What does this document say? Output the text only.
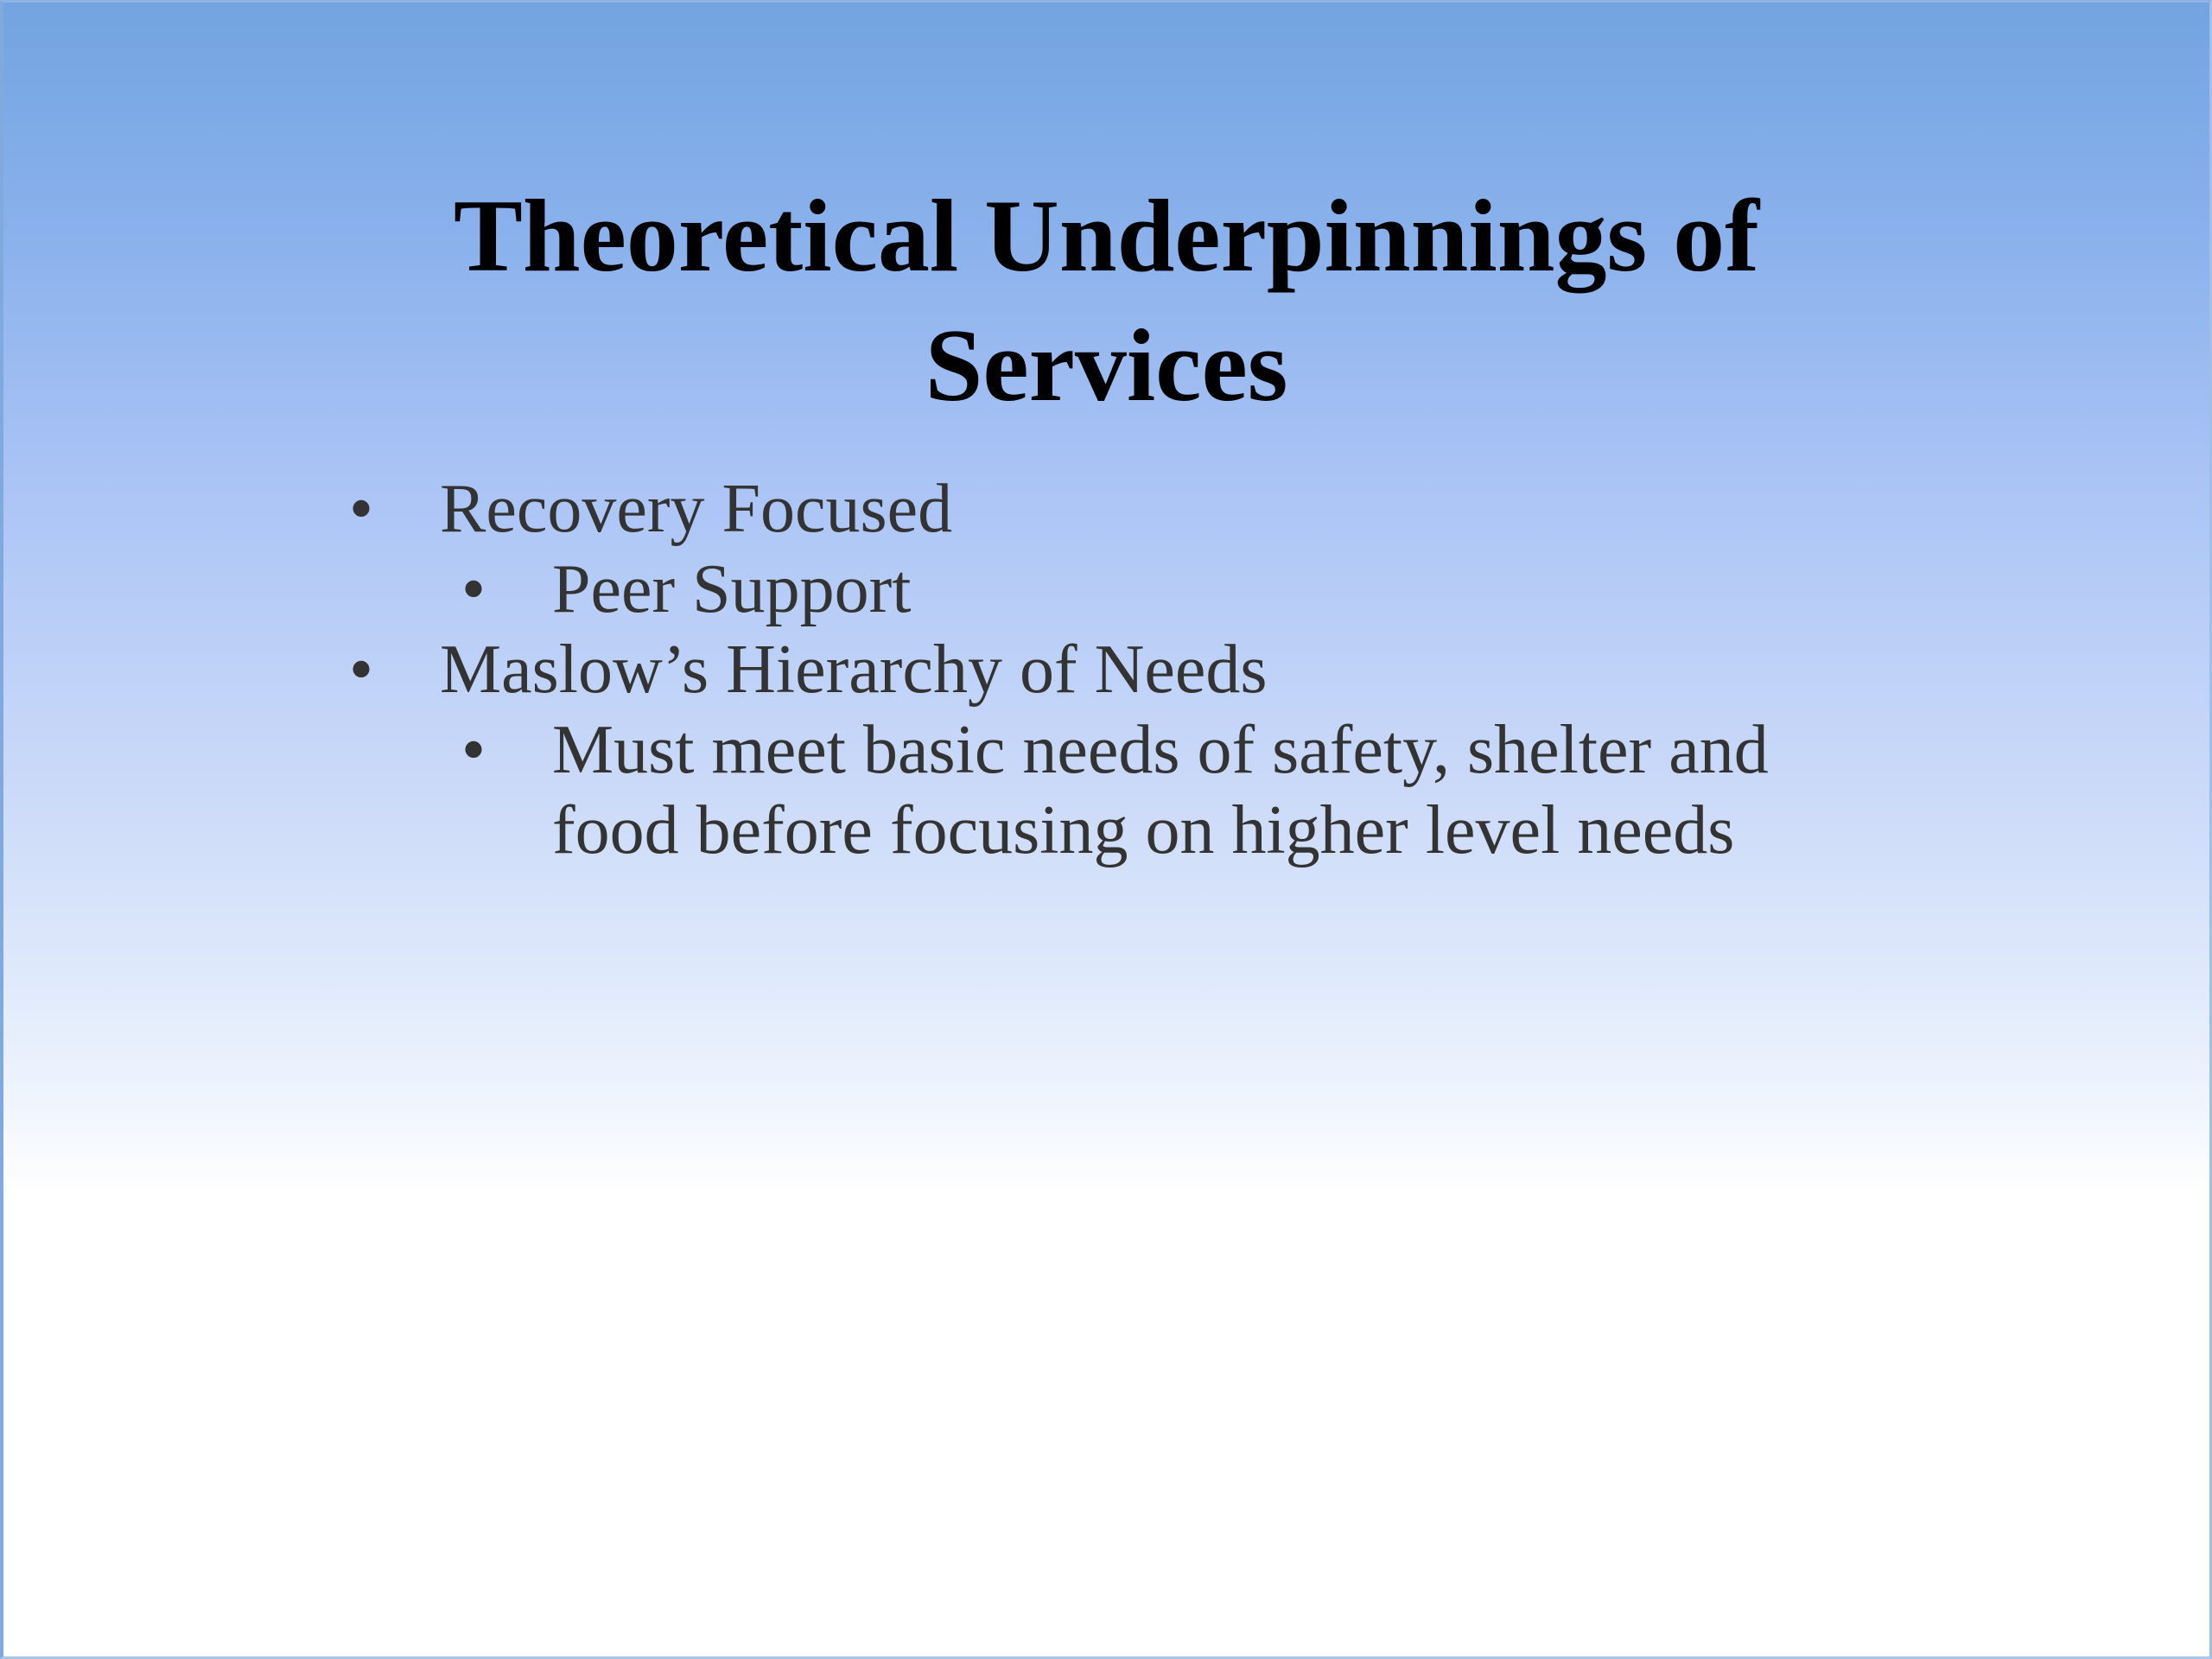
Theoretical Underpinnings of
Services
• Recovery Focused
• Peer Support
• Maslow’s Hierarchy of Needs
• Must meet basic needs of safety, shelter and food before focusing on higher level needs
